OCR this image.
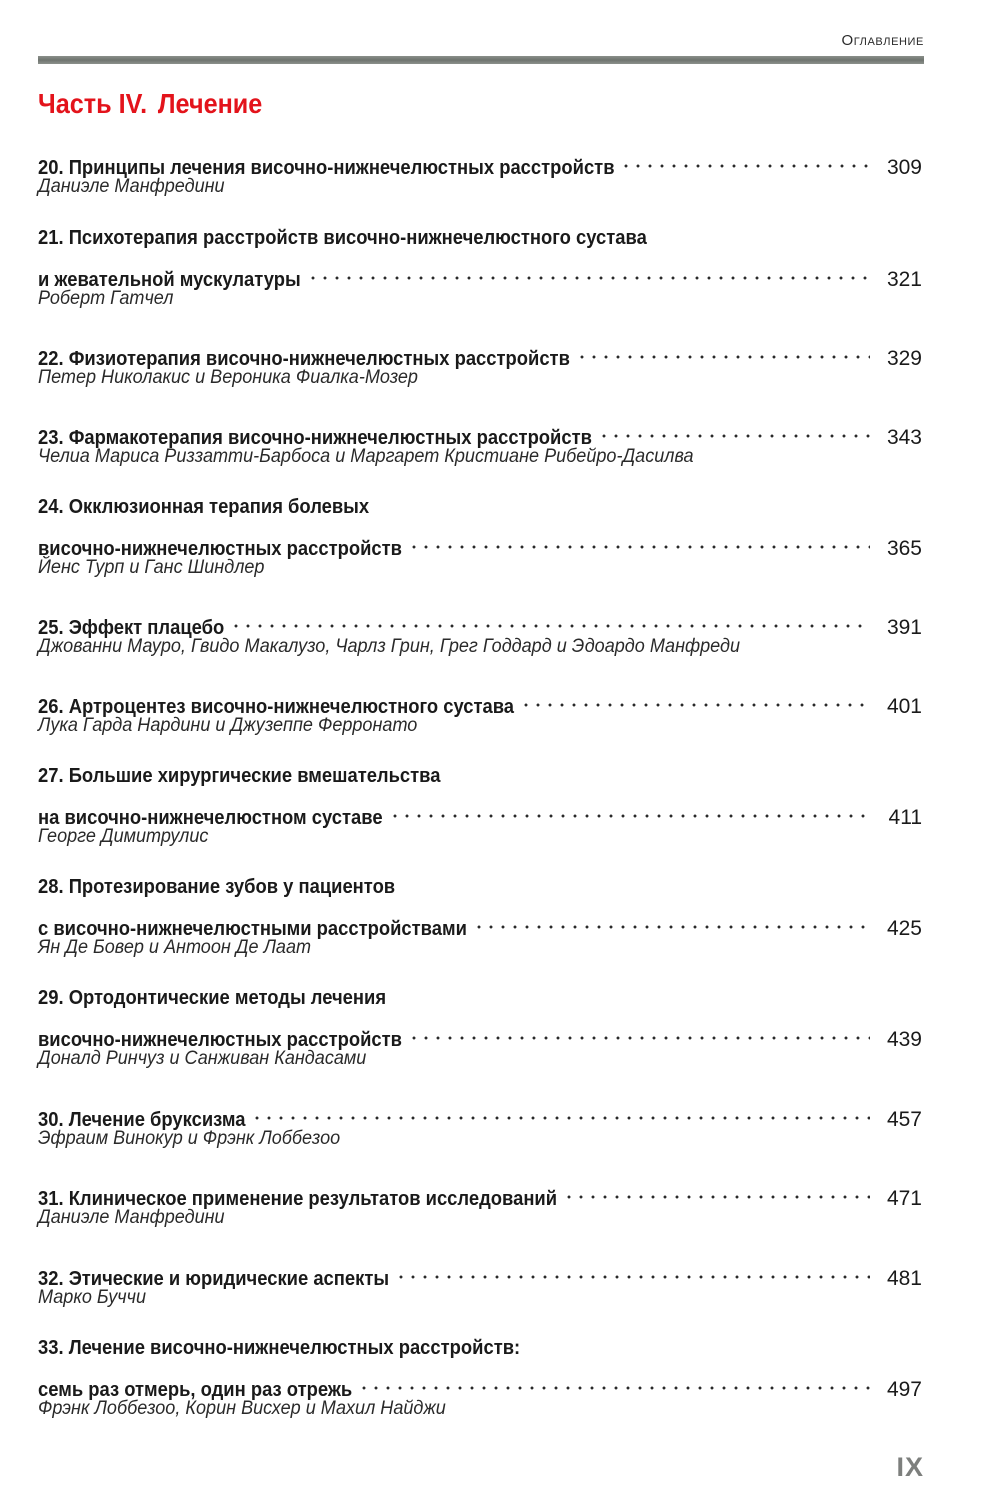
Оглавление
Часть IV. Лечение
20. Принципы лечения височно-нижнечелюстных расстройств	309
Даниэле Манфредини
21. Психотерапия расстройств височно-нижнечелюстного сустава
и жевательной мускулатуры	321
Роберт Гатчел
22. Физиотерапия височно-нижнечелюстных расстройств	329
Петер Николакис и Вероника Фиалка-Мозер
23. Фармакотерапия височно-нижнечелюстных расстройств	343
Челиа Мариса Риззатти-Барбоса и Маргарет Кристиане Рибейро-Дасилва
24. Окклюзионная терапия болевых
височно-нижнечелюстных расстройств	365
Йенс Турп и Ганс Шиндлер
25. Эффект плацебо	391
Джованни Мауро, Гвидо Макалузо, Чарлз Грин, Грег Годдард и Эдоардо Манфреди
26. Артроцентез височно-нижнечелюстного сустава	401
Лука Гарда Нардини и Джузеппе Ферронато
27. Большие хирургические вмешательства
на височно-нижнечелюстном суставе	411
Георге Димитрулис
28. Протезирование зубов у пациентов
с височно-нижнечелюстными расстройствами	425
Ян Де Бовер и Антоон Де Лаат
29. Ортодонтические методы лечения
височно-нижнечелюстных расстройств	439
Доналд Ринчуз и Санживан Кандасами
30. Лечение бруксизма	457
Эфраим Винокур и Фрэнк Лоббезоо
31. Клиническое применение результатов исследований	471
Даниэле Манфредини
32. Этические и юридические аспекты	481
Марко Буччи
33. Лечение височно-нижнечелюстных расстройств:
семь раз отмерь, один раз отрежь	497
Фрэнк Лоббезоо, Корин Висхер и Махил Найджи
IX
